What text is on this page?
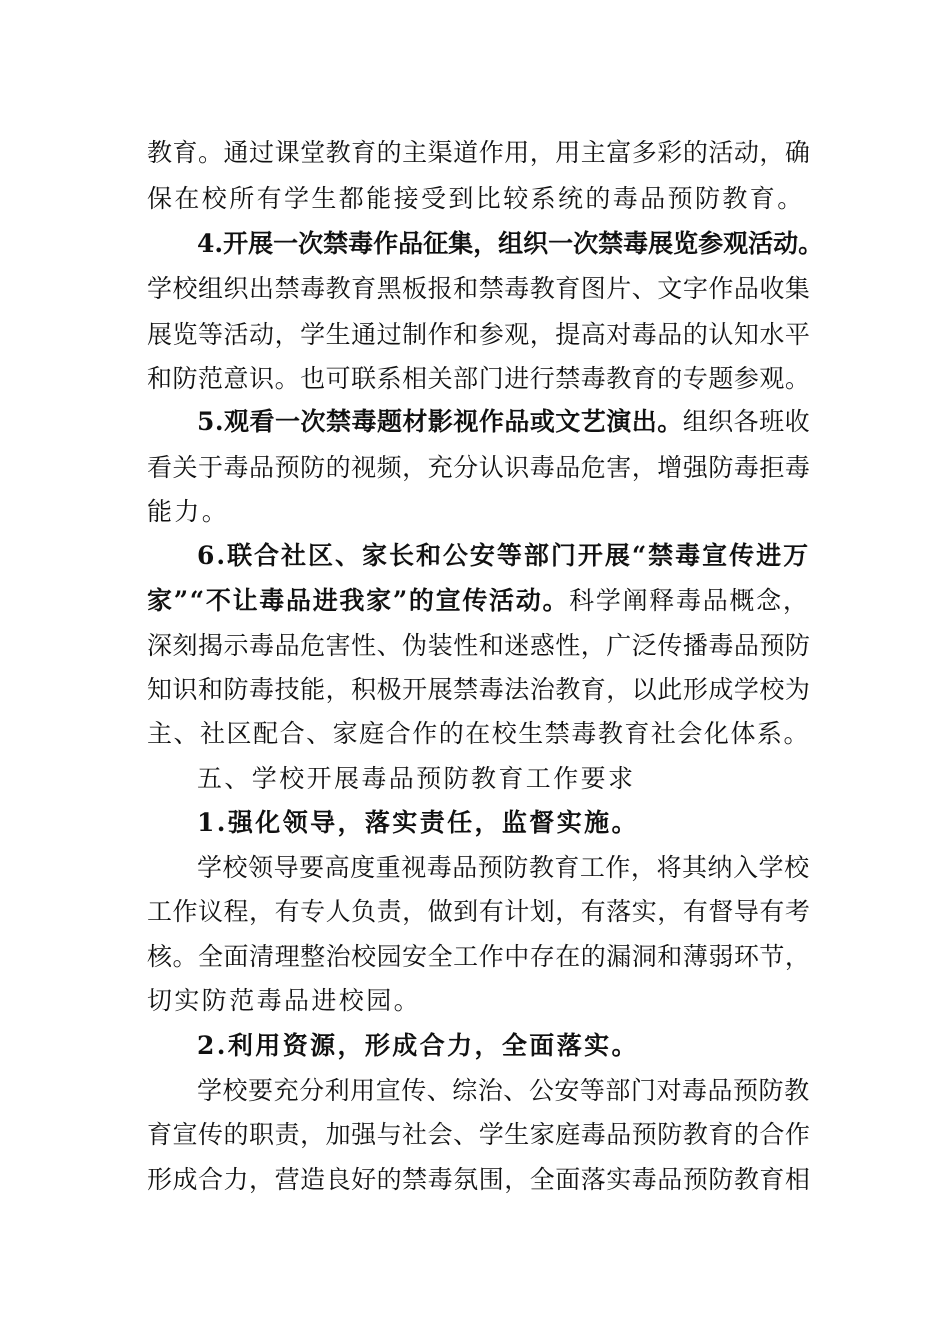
教育。通过课堂教育的主渠道作用，用主富多彩的活动，确
保在校所有学生都能接受到比较系统的毒品预防教育。
4.开展一次禁毒作品征集，组织一次禁毒展览参观活动。
学校组织出禁毒教育黑板报和禁毒教育图片、文字作品收集
展览等活动，学生通过制作和参观，提高对毒品的认知水平
和防范意识。也可联系相关部门进行禁毒教育的专题参观。
5.观看一次禁毒题材影视作品或文艺演出。组织各班收
看关于毒品预防的视频，充分认识毒品危害，增强防毒拒毒
能力。
6.联合社区、家长和公安等部门开展“禁毒宣传进万
家”“不让毒品进我家”的宣传活动。科学阐释毒品概念，
深刻揭示毒品危害性、伪装性和迷惑性，广泛传播毒品预防
知识和防毒技能，积极开展禁毒法治教育，以此形成学校为
主、社区配合、家庭合作的在校生禁毒教育社会化体系。
五、学校开展毒品预防教育工作要求
1.强化领导，落实责任，监督实施。
学校领导要高度重视毒品预防教育工作，将其纳入学校
工作议程，有专人负责，做到有计划，有落实，有督导有考
核。全面清理整治校园安全工作中存在的漏洞和薄弱环节，
切实防范毒品进校园。
2.利用资源，形成合力，全面落实。
学校要充分利用宣传、综治、公安等部门对毒品预防教
育宣传的职责，加强与社会、学生家庭毒品预防教育的合作
形成合力，营造良好的禁毒氛围，全面落实毒品预防教育相
